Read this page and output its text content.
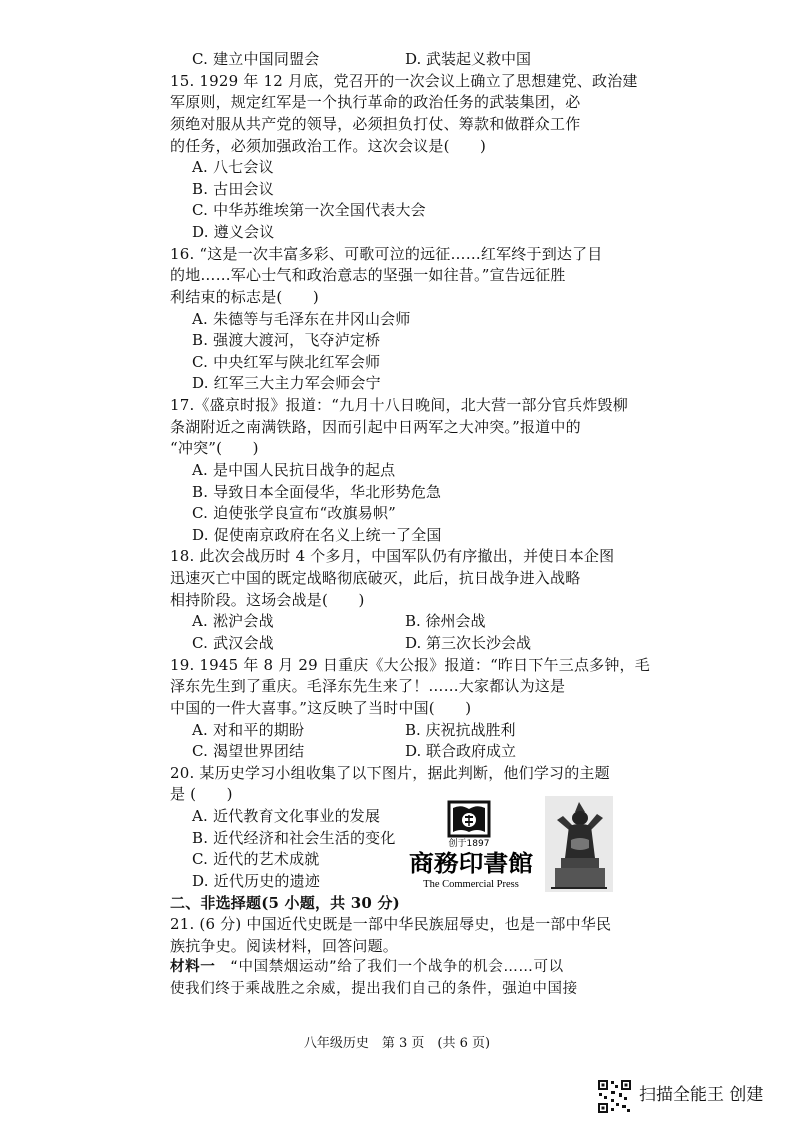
C. 建立中国同盟会	D. 武装起义救中国
15. 1929 年 12 月底，党召开的一次会议上确立了思想建党、政治建
军原则，规定红军是一个执行革命的政治任务的武装集团，必
须绝对服从共产党的领导，必须担负打仗、筹款和做群众工作
的任务，必须加强政治工作。这次会议是(　　)
A. 八七会议
B. 古田会议
C. 中华苏维埃第一次全国代表大会
D. 遵义会议
16. “这是一次丰富多彩、可歌可泣的远征……红军终于到达了目
的地……军心士气和政治意志的坚强一如往昔。”宣告远征胜
利结束的标志是(　　)
A. 朱德等与毛泽东在井冈山会师
B. 强渡大渡河，飞夺泸定桥
C. 中央红军与陕北红军会师
D. 红军三大主力军会师会宁
17.《盛京时报》报道：“九月十八日晚间，北大营一部分官兵炸毁柳
条湖附近之南满铁路，因而引起中日两军之大冲突。”报道中的
“冲突”(　　)
A. 是中国人民抗日战争的起点
B. 导致日本全面侵华，华北形势危急
C. 迫使张学良宣布“改旗易帜”
D. 促使南京政府在名义上统一了全国
18. 此次会战历时 4 个多月，中国军队仍有序撤出，并使日本企图
迅速灭亡中国的既定战略彻底破灭，此后，抗日战争进入战略
相持阶段。这场会战是(　　)
A. 淞沪会战	B. 徐州会战
C. 武汉会战	D. 第三次长沙会战
19. 1945 年 8 月 29 日重庆《大公报》报道：“昨日下午三点多钟，毛
泽东先生到了重庆。毛泽东先生来了！……大家都认为这是
中国的一件大喜事。”这反映了当时中国(　　)
A. 对和平的期盼	B. 庆祝抗战胜利
C. 渴望世界团结	D. 联合政府成立
20. 某历史学习小组收集了以下图片，据此判断，他们学习的主题
是 (　　)
A. 近代教育文化事业的发展
B. 近代经济和社会生活的变化
C. 近代的艺术成就
D. 近代历史的遗迹
二、非选择题(5 小题，共 30 分)
21. (6 分) 中国近代史既是一部中华民族屈辱史，也是一部中华民
族抗争史。阅读材料，回答问题。
材料一　“中国禁烟运动”给了我们一个战争的机会……可以
使我们终于乘战胜之余威，提出我们自己的条件，强迫中国接
创于1897
商務印書館
The Commercial Press
八年级历史　第 3 页　(共 6 页)
扫描全能王 创建
